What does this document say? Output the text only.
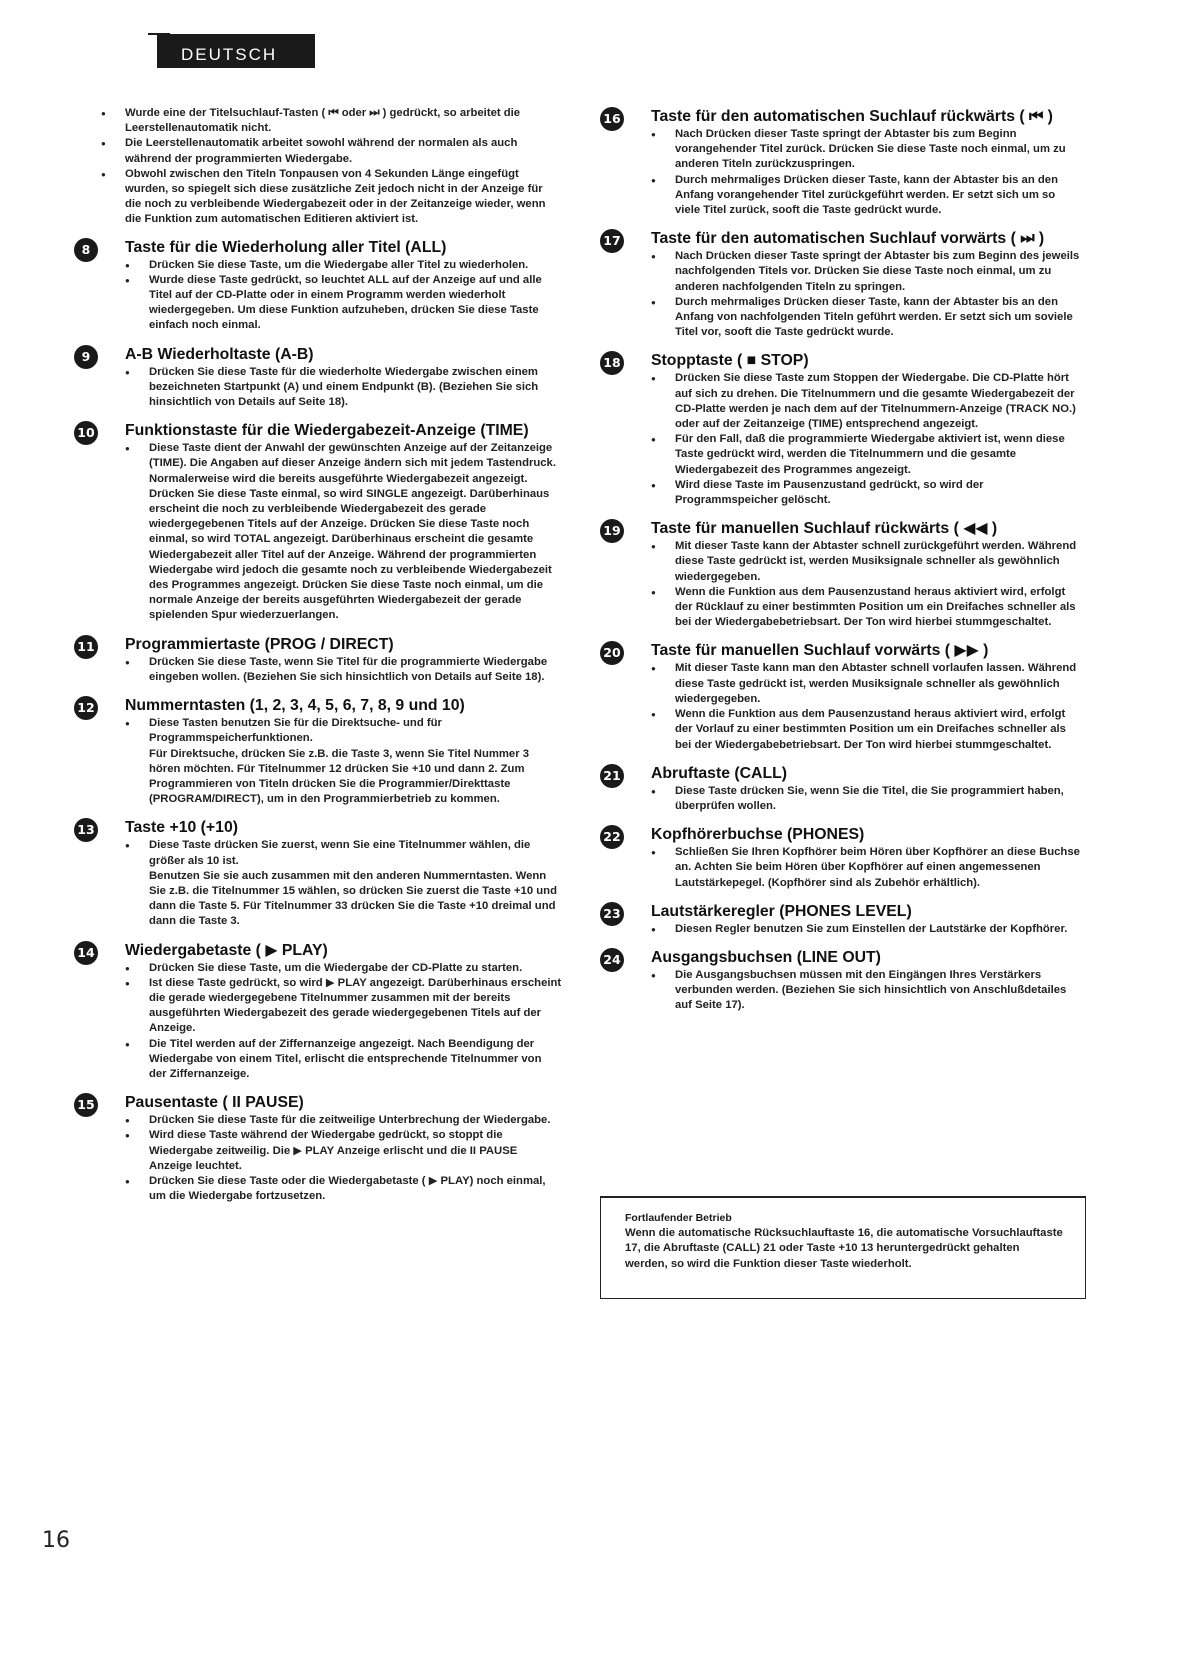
DEUTSCH
● Wurde eine der Titelsuchlauf-Tasten ( ⏮ oder ⏭ ) gedrückt, so arbeitet die Leerstellenautomatik nicht.
● Die Leerstellenautomatik arbeitet sowohl während der normalen als auch während der programmierten Wiedergabe.
● Obwohl zwischen den Titeln Tonpausen von 4 Sekunden Länge eingefügt wurden, so spiegelt sich diese zusätzliche Zeit jedoch nicht in der Anzeige für die noch zu verbleibende Wiedergabezeit oder in der Zeitanzeige wieder, wenn die Funktion zum automatischen Editieren aktiviert ist.
8	Taste für die Wiederholung aller Titel (ALL)
● Drücken Sie diese Taste, um die Wiedergabe aller Titel zu wiederholen.
● Wurde diese Taste gedrückt, so leuchtet ALL auf der Anzeige auf und alle Titel auf der CD-Platte oder in einem Programm werden wiederholt wiedergegeben. Um diese Funktion aufzuheben, drücken Sie diese Taste einfach noch einmal.
9	A-B Wiederholtaste (A-B)
● Drücken Sie diese Taste für die wiederholte Wiedergabe zwischen einem bezeichneten Startpunkt (A) und einem Endpunkt (B). (Beziehen Sie sich hinsichtlich von Details auf Seite 18).
10 Funktionstaste für die Wiedergabezeit-Anzeige (TIME)
● Diese Taste dient der Anwahl der gewünschten Anzeige auf der Zeitanzeige (TIME). Die Angaben auf dieser Anzeige ändern sich mit jedem Tastendruck. Normalerweise wird die bereits ausgeführte Wiedergabezeit angezeigt. Drücken Sie diese Taste einmal, so wird SINGLE angezeigt. Darüberhinaus erscheint die noch zu verbleibende Wiedergabezeit des gerade wiedergegebenen Titels auf der Anzeige. Drücken Sie diese Taste noch einmal, so wird TOTAL angezeigt. Darüberhinaus erscheint die gesamte Wiedergabezeit aller Titel auf der Anzeige. Während der programmierten Wiedergabe wird jedoch die gesamte noch zu verbleibende Wiedergabezeit des Programmes angezeigt. Drücken Sie diese Taste noch einmal, um die normale Anzeige der bereits ausgeführten Wiedergabezeit der gerade spielenden Spur wiederzuerlangen.
11 Programmiertaste (PROG / DIRECT)
● Drücken Sie diese Taste, wenn Sie Titel für die programmierte Wiedergabe eingeben wollen. (Beziehen Sie sich hinsichtlich von Details auf Seite 18).
12 Nummerntasten (1, 2, 3, 4, 5, 6, 7, 8, 9 und 10)
● Diese Tasten benutzen Sie für die Direktsuche- und für Programmspeicherfunktionen.
Für Direktsuche, drücken Sie z.B. die Taste 3, wenn Sie Titel Nummer 3 hören möchten. Für Titelnummer 12 drücken Sie +10 und dann 2. Zum Programmieren von Titeln drücken Sie die Programmier/Direkttaste (PROGRAM/DIRECT), um in den Programmierbetrieb zu kommen.
13 Taste +10 (+10)
● Diese Taste drücken Sie zuerst, wenn Sie eine Titelnummer wählen, die größer als 10 ist.
Benutzen Sie sie auch zusammen mit den anderen Nummerntasten. Wenn Sie z.B. die Titelnummer 15 wählen, so drücken Sie zuerst die Taste +10 und dann die Taste 5. Für Titelnummer 33 drücken Sie die Taste +10 dreimal und dann die Taste 3.
14 Wiedergabetaste ( ▶ PLAY)
● Drücken Sie diese Taste, um die Wiedergabe der CD-Platte zu starten.
● Ist diese Taste gedrückt, so wird ▶ PLAY angezeigt. Darüberhinaus erscheint die gerade wiedergegebene Titelnummer zusammen mit der bereits ausgeführten Wiedergabezeit des gerade wiedergegebenen Titels auf der Anzeige.
● Die Titel werden auf der Ziffernanzeige angezeigt. Nach Beendigung der Wiedergabe von einem Titel, erlischt die entsprechende Titelnummer von der Ziffernanzeige.
15 Pausentaste ( II PAUSE)
● Drücken Sie diese Taste für die zeitweilige Unterbrechung der Wiedergabe.
● Wird diese Taste während der Wiedergabe gedrückt, so stoppt die Wiedergabe zeitweilig. Die ▶ PLAY Anzeige erlischt und die II PAUSE Anzeige leuchtet.
● Drücken Sie diese Taste oder die Wiedergabetaste ( ▶ PLAY) noch einmal, um die Wiedergabe fortzusetzen.
16 Taste für den automatischen Suchlauf rückwärts ( ⏮ )
● Nach Drücken dieser Taste springt der Abtaster bis zum Beginn vorangehender Titel zurück. Drücken Sie diese Taste noch einmal, um zu anderen Titeln zurückzuspringen.
● Durch mehrmaliges Drücken dieser Taste, kann der Abtaster bis an den Anfang vorangehender Titel zurückgeführt werden. Er setzt sich um so viele Titel zurück, sooft die Taste gedrückt wurde.
17 Taste für den automatischen Suchlauf vorwärts ( ⏭ )
● Nach Drücken dieser Taste springt der Abtaster bis zum Beginn des jeweils nachfolgenden Titels vor. Drücken Sie diese Taste noch einmal, um zu anderen nachfolgenden Titeln zu springen.
● Durch mehrmaliges Drücken dieser Taste, kann der Abtaster bis an den Anfang von nachfolgenden Titeln geführt werden. Er setzt sich um soviele Titel vor, sooft die Taste gedrückt wurde.
18 Stopptaste ( ■ STOP)
● Drücken Sie diese Taste zum Stoppen der Wiedergabe. Die CD-Platte hört auf sich zu drehen. Die Titelnummern und die gesamte Wiedergabezeit der CD-Platte werden je nach dem auf der Titelnummern-Anzeige (TRACK NO.) oder auf der Zeitanzeige (TIME) entsprechend angezeigt.
● Für den Fall, daß die programmierte Wiedergabe aktiviert ist, wenn diese Taste gedrückt wird, werden die Titelnummern und die gesamte Wiedergabezeit des Programmes angezeigt.
● Wird diese Taste im Pausenzustand gedrückt, so wird der Programmspeicher gelöscht.
19 Taste für manuellen Suchlauf rückwärts ( ◀◀ )
● Mit dieser Taste kann der Abtaster schnell zurückgeführt werden. Während diese Taste gedrückt ist, werden Musiksignale schneller als gewöhnlich wiedergegeben.
● Wenn die Funktion aus dem Pausenzustand heraus aktiviert wird, erfolgt der Rücklauf zu einer bestimmten Position um ein Dreifaches schneller als bei der Wiedergabebetriebsart. Der Ton wird hierbei stummgeschaltet.
20 Taste für manuellen Suchlauf vorwärts ( ▶▶ )
● Mit dieser Taste kann man den Abtaster schnell vorlaufen lassen. Während diese Taste gedrückt ist, werden Musiksignale schneller als gewöhnlich wiedergegeben.
● Wenn die Funktion aus dem Pausenzustand heraus aktiviert wird, erfolgt der Vorlauf zu einer bestimmten Position um ein Dreifaches schneller als bei der Wiedergabebetriebsart. Der Ton wird hierbei stummgeschaltet.
21 Abruftaste (CALL)
● Diese Taste drücken Sie, wenn Sie die Titel, die Sie programmiert haben, überprüfen wollen.
22 Kopfhörerbuchse (PHONES)
● Schließen Sie Ihren Kopfhörer beim Hören über Kopfhörer an diese Buchse an. Achten Sie beim Hören über Kopfhörer auf einen angemessenen Lautstärkepegel. (Kopfhörer sind als Zubehör erhältlich).
23 Lautstärkeregler (PHONES LEVEL)
● Diesen Regler benutzen Sie zum Einstellen der Lautstärke der Kopfhörer.
24 Ausgangsbuchsen (LINE OUT)
● Die Ausgangsbuchsen müssen mit den Eingängen Ihres Verstärkers verbunden werden. (Beziehen Sie sich hinsichtlich von Anschlußdetailes auf Seite 17).
Fortlaufender Betrieb
Wenn die automatische Rücksuchlauftaste 16, die automatische Vorsuchlauftaste 17, die Abruftaste (CALL) 21 oder Taste +10 13 heruntergedrückt gehalten werden, so wird die Funktion dieser Taste wiederholt.
16
